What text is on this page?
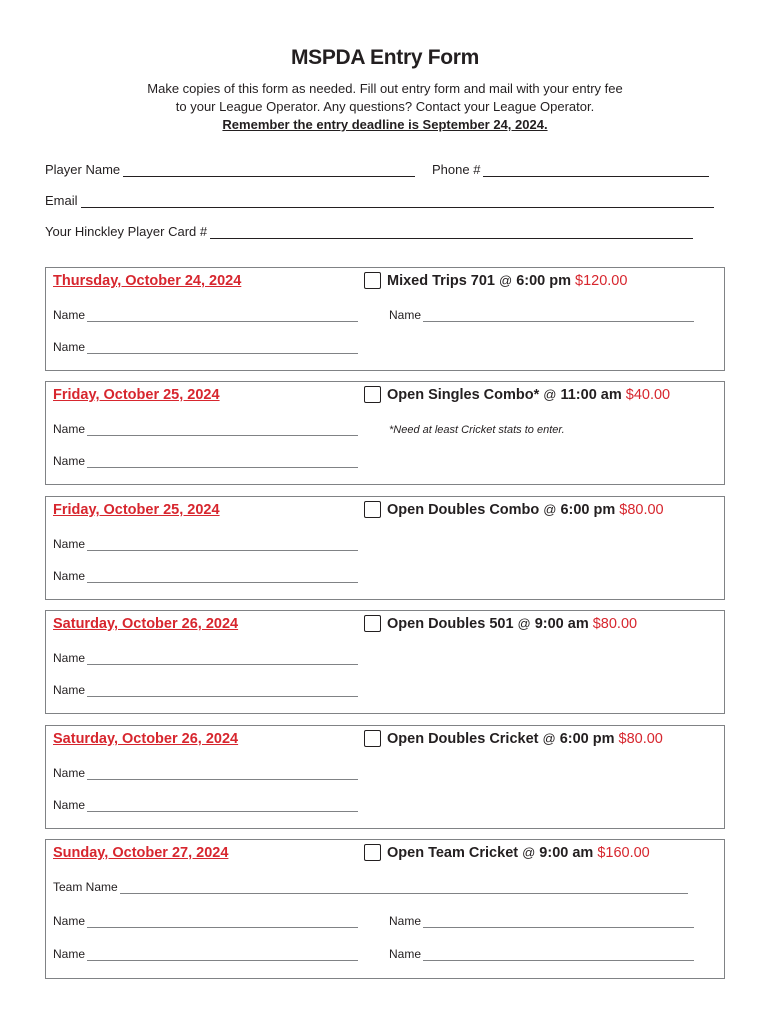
MSPDA Entry Form
Make copies of this form as needed. Fill out entry form and mail with your entry fee
to your League Operator. Any questions? Contact your League Operator.
Remember the entry deadline is September 24, 2024.
Player Name	Phone #
Email
Your Hinckley Player Card #
Thursday, October 24, 2024	Mixed Trips 701 @ 6:00 pm $120.00
Name	Name
Name
Friday, October 25, 2024	Open Singles Combo* @ 11:00 am $40.00
Name	*Need at least Cricket stats to enter.
Name
Friday, October 25, 2024	Open Doubles Combo @ 6:00 pm $80.00
Name
Name
Saturday, October 26, 2024	Open Doubles 501 @ 9:00 am $80.00
Name
Name
Saturday, October 26, 2024	Open Doubles Cricket @ 6:00 pm $80.00
Name
Name
Sunday, October 27, 2024	Open Team Cricket @ 9:00 am $160.00
Team Name
Name	Name
Name	Name
